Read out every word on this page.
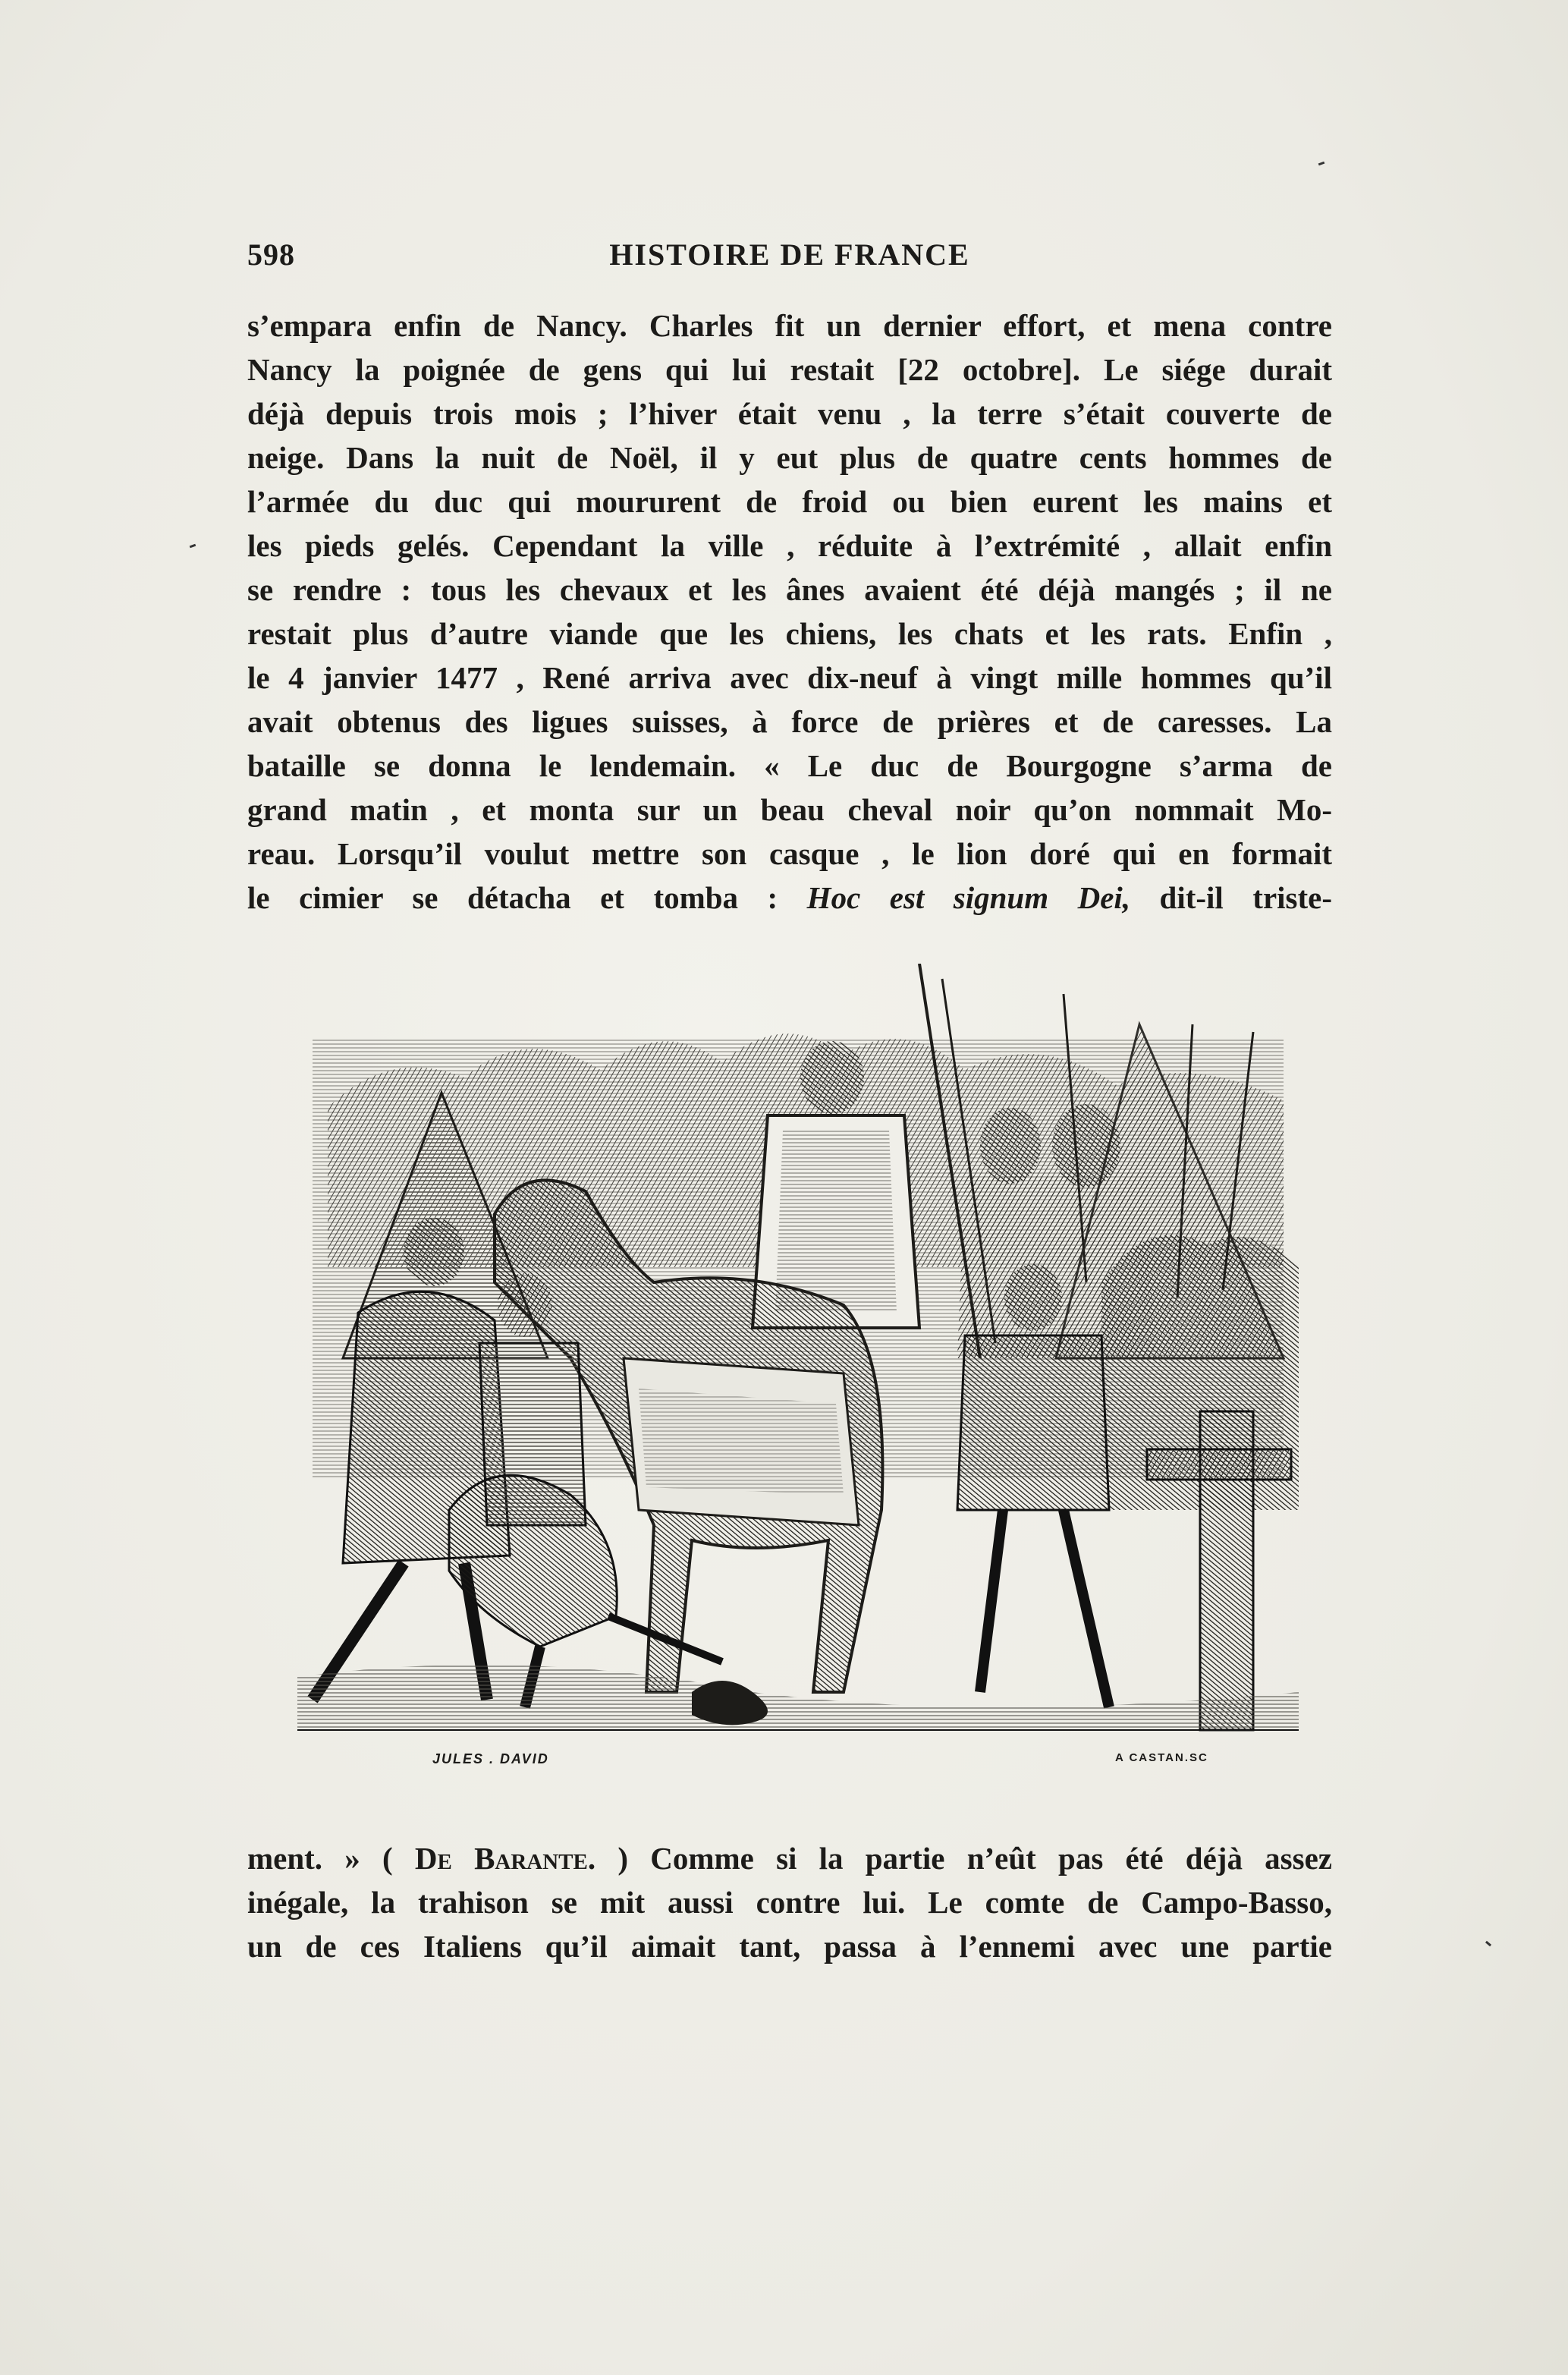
598	HISTOIRE DE FRANCE
s’empara enfin de Nancy. Charles fit un dernier effort, et mena contre
Nancy la poignée de gens qui lui restait [22 octobre]. Le siége durait
déjà depuis trois mois ; l’hiver était venu , la terre s’était couverte de
neige. Dans la nuit de Noël, il y eut plus de quatre cents hommes de
l’armée du duc qui moururent de froid ou bien eurent les mains et
les pieds gelés. Cependant la ville , réduite à l’extrémité , allait enfin
se rendre : tous les chevaux et les ânes avaient été déjà mangés ; il ne
restait plus d’autre viande que les chiens, les chats et les rats. Enfin ,
le 4 janvier 1477 , René arriva avec dix-neuf à vingt mille hommes qu’il
avait obtenus des ligues suisses, à force de prières et de caresses. La
bataille se donna le lendemain. « Le duc de Bourgogne s’arma de
grand matin , et monta sur un beau cheval noir qu’on nommait Mo-
reau. Lorsqu’il voulut mettre son casque , le lion doré qui en formait
le cimier se détacha et tomba : Hoc est signum Dei, dit-il triste-
JULES . DAVID	A CASTAN.SC
ment. » ( De Barante. ) Comme si la partie n’eût pas été déjà assez
inégale, la trahison se mit aussi contre lui. Le comte de Campo-Basso,
un de ces Italiens qu’il aimait tant, passa à l’ennemi avec une partie
